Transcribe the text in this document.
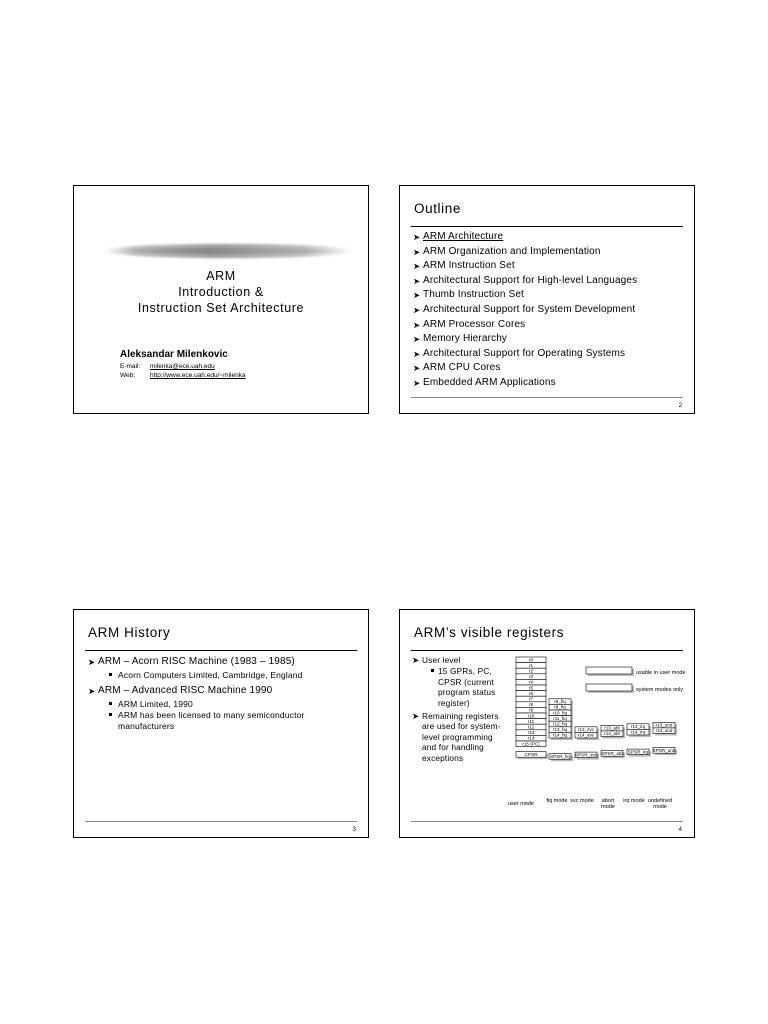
ARM
Introduction &
Instruction Set Architecture
Aleksandar Milenkovic
E-mail: milenka@ece.uah.edu
Web: http://www.ece.uah.edu/~milenka
Outline
➤ ARM Architecture
➤ ARM Organization and Implementation
➤ ARM Instruction Set
➤ Architectural Support for High-level Languages
➤ Thumb Instruction Set
➤ Architectural Support for System Development
➤ ARM Processor Cores
➤ Memory Hierarchy
➤ Architectural Support for Operating Systems
➤ ARM CPU Cores
➤ Embedded ARM Applications
2
ARM History
➤ ARM – Acorn RISC Machine (1983 – 1985)
Acorn Computers Limited, Cambridge, England
➤ ARM – Advanced RISC Machine 1990
ARM Limited, 1990
ARM has been licensed to many semiconductor manufacturers
3
ARM’s visible registers
➤ User level
15 GPRs, PC, CPSR (current program status register)
➤ Remaining registers are used for system-level programming and for handling exceptions
r0
r1
r2
r3
r4
r5
r6
r7
r8
r9
r10
r11
r12
r13
r14
r15 (PC)
r8_fiq
r9_fiq
r10_fiq
r11_fiq
r12_fiq
r13_fiq
r14_fiq
r13_svc
r14_svc
r13_abt
r14_abt
r13_irq
r14_irq
r13_und
r14_und
CPSR	SPSR_fiq SPSR_svc SPSR_abt SPSR_irq SPSR_und
usable in user mode
system modes only
user mode	fiq mode svc mode	abort mode
irq mode undefined mode
4
